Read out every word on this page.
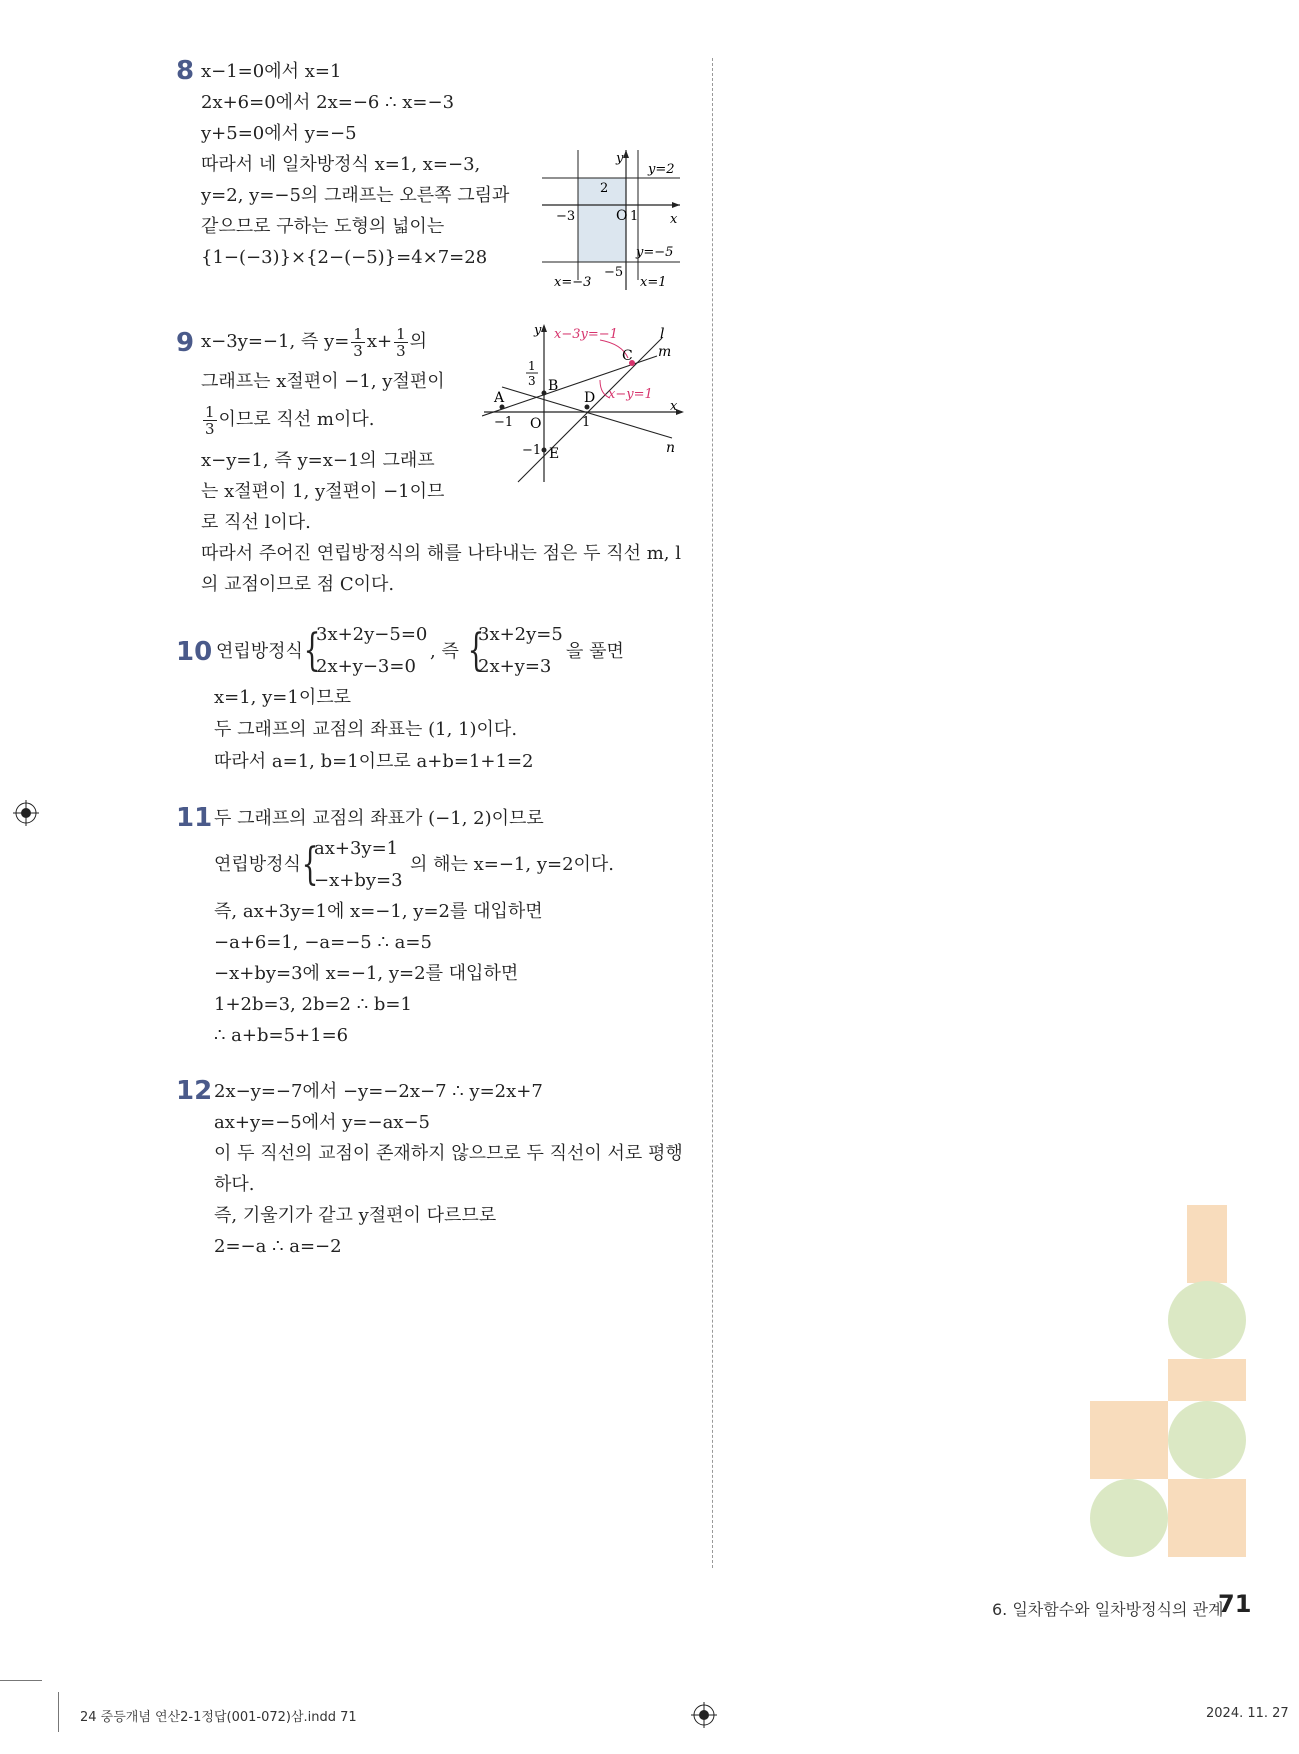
8 x−1=0에서 x=1
2x+6=0에서 2x=−6 ∴ x=−3
y+5=0에서 y=−5
따라서 네 일차방정식 x=1, x=−3,
y=2, y=−5의 그래프는 오른쪽 그림과
같으므로 구하는 도형의 넓이는
{1−(−3)}×{2−(−5)}=4×7=28
y
x
O
y=2
y=−5
x=−3	x=1
2
−3	1
−5
9 x−3y=−1, 즉 $y= \frac{1}{3} x+ \frac{1}{3}$ 의
그래프는 x절편이 −1, y절편이
$\frac{1}{3}$ 이므로 직선 m이다.
x−y=1, 즉 y=x−1의 그래프
는 x절편이 1, y절편이 −1이므
로 직선 l이다.
따라서 주어진 연립방정식의 해를 나타내는 점은 두 직선 m, l
의 교점이므로 점 C이다.
y
x
O
x−3y=−1
x−y=1
l
m
n
A
B
C
D
E
1
3
−1	1
−1
10 연립방정식 {
3x+2y−5=0
2x+y−3=0
, 즉 {
3x+2y=5
2x+y=3
을 풀면
x=1, y=1이므로
두 그래프의 교점의 좌표는 (1, 1)이다.
따라서 a=1, b=1이므로 a+b=1+1=2
11 두 그래프의 교점의 좌표가 (−1, 2)이므로
연립방정식 {
ax+3y=1
−x+by=3
의 해는 x=−1, y=2이다.
즉, ax+3y=1에 x=−1, y=2를 대입하면
−a+6=1, −a=−5 ∴ a=5
−x+by=3에 x=−1, y=2를 대입하면
1+2b=3, 2b=2 ∴ b=1
∴ a+b=5+1=6
12 2x−y=−7에서 −y=−2x−7 ∴ y=2x+7
ax+y=−5에서 y=−ax−5
이 두 직선의 교점이 존재하지 않으므로 두 직선이 서로 평행
하다.
즉, 기울기가 같고 y절편이 다르므로
2=−a ∴ a=−2
6. 일차함수와 일차방정식의 관계
71
24 중등개념 연산2-1정답(001-072)삼.indd 71	2024. 11. 27
